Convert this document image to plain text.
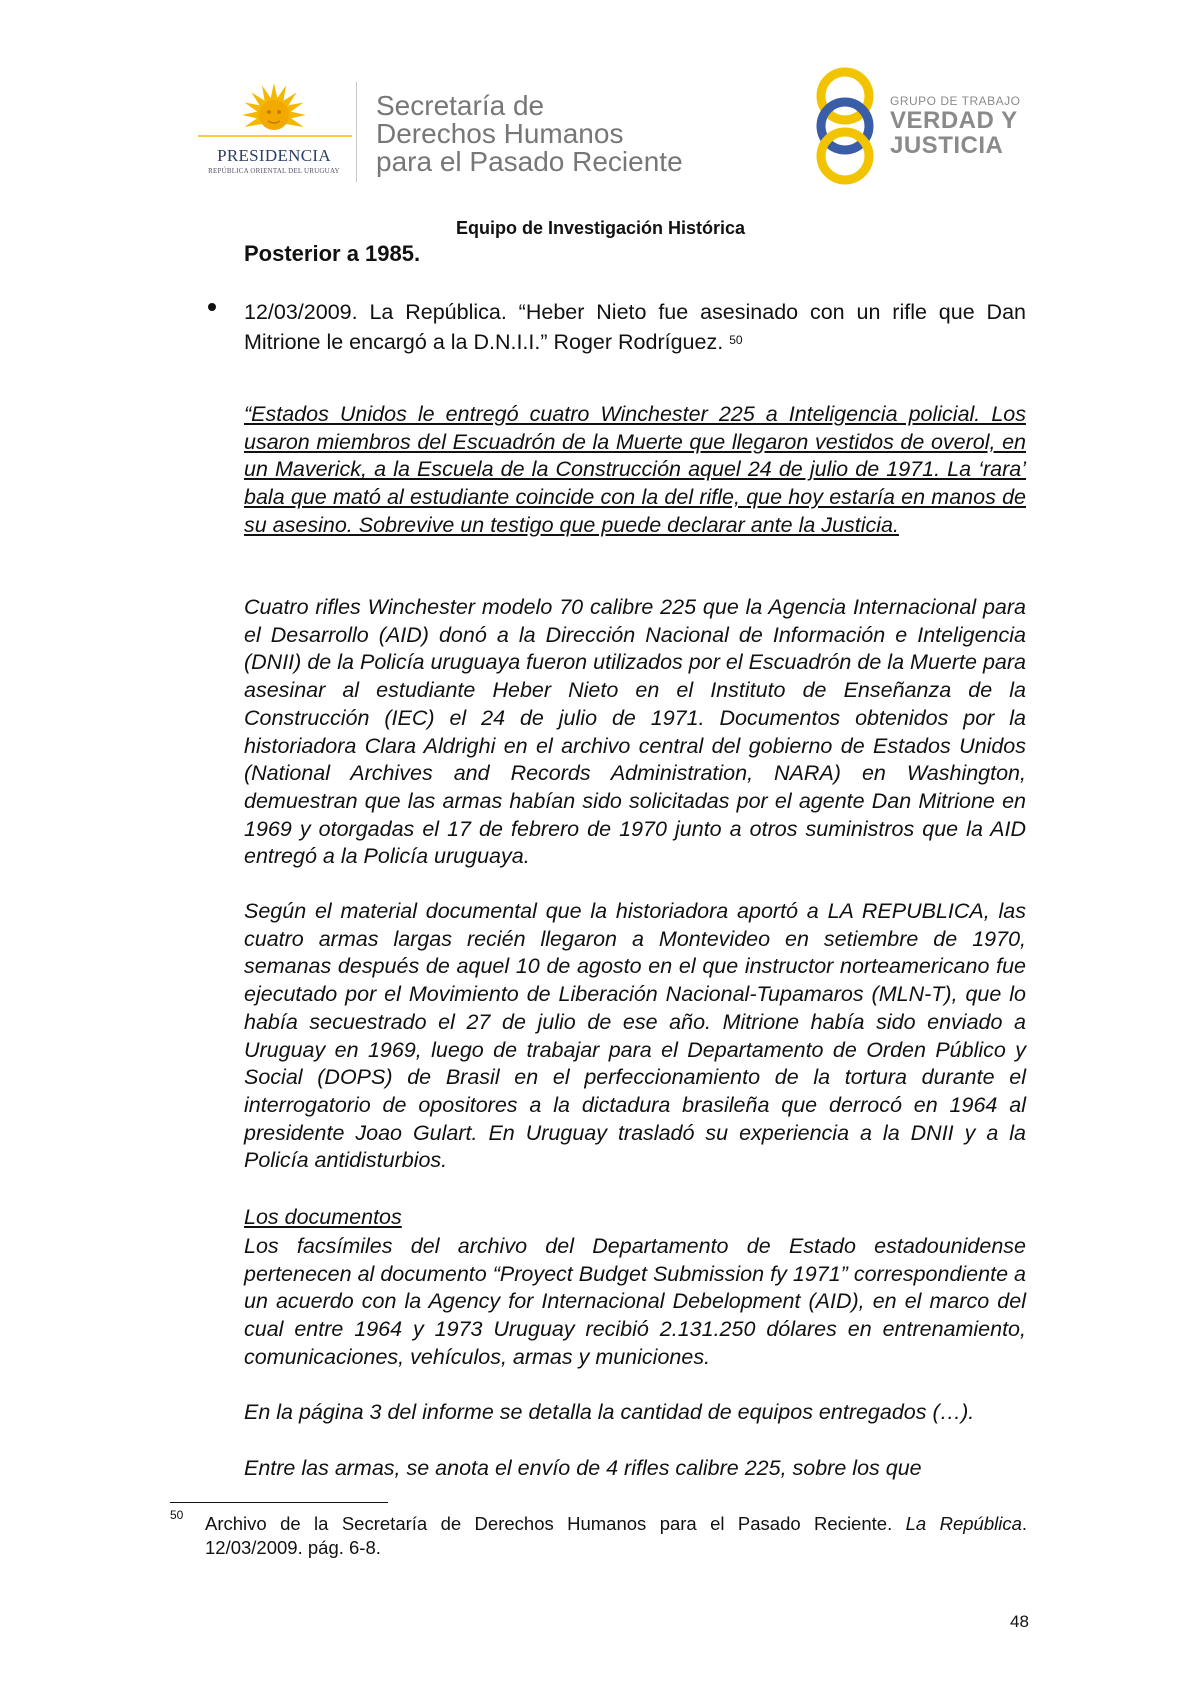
PRESIDENCIA
REPÚBLICA ORIENTAL DEL URUGUAY
Secretaría de
Derechos Humanos
para el Pasado Reciente
GRUPO DE TRABAJO
VERDAD Y
JUSTICIA
Equipo de Investigación Histórica
Posterior a 1985.
12/03/2009. La República. “Heber Nieto fue asesinado con un rifle que Dan Mitrione le encargó a la D.N.I.I.” Roger Rodríguez. $^{50}$
“Estados Unidos le entregó cuatro Winchester 225 a Inteligencia policial. Los usaron miembros del Escuadrón de la Muerte que llegaron vestidos de overol, en un Maverick, a la Escuela de la Construcción aquel 24 de julio de 1971. La ‘rara’ bala que mató al estudiante coincide con la del rifle, que hoy estaría en manos de su asesino. Sobrevive un testigo que puede declarar ante la Justicia.
Cuatro rifles Winchester modelo 70 calibre 225 que la Agencia Internacional para el Desarrollo (AID) donó a la Dirección Nacional de Información e Inteligencia (DNII) de la Policía uruguaya fueron utilizados por el Escuadrón de la Muerte para asesinar al estudiante Heber Nieto en el Instituto de Enseñanza de la Construcción (IEC) el 24 de julio de 1971. Documentos obtenidos por la historiadora Clara Aldrighi en el archivo central del gobierno de Estados Unidos (National Archives and Records Administration, NARA) en Washington, demuestran que las armas habían sido solicitadas por el agente Dan Mitrione en 1969 y otorgadas el 17 de febrero de 1970 junto a otros suministros que la AID entregó a la Policía uruguaya.
Según el material documental que la historiadora aportó a LA REPUBLICA, las cuatro armas largas recién llegaron a Montevideo en setiembre de 1970, semanas después de aquel 10 de agosto en el que instructor norteamericano fue ejecutado por el Movimiento de Liberación Nacional-Tupamaros (MLN-T), que lo había secuestrado el 27 de julio de ese año. Mitrione había sido enviado a Uruguay en 1969, luego de trabajar para el Departamento de Orden Público y Social (DOPS) de Brasil en el perfeccionamiento de la tortura durante el interrogatorio de opositores a la dictadura brasileña que derrocó en 1964 al presidente Joao Gulart. En Uruguay trasladó su experiencia a la DNII y a la Policía antidisturbios.
Los documentos
Los facsímiles del archivo del Departamento de Estado estadounidense pertenecen al documento “Proyect Budget Submission fy 1971” correspondiente a un acuerdo con la Agency for Internacional Debelopment (AID), en el marco del cual entre 1964 y 1973 Uruguay recibió 2.131.250 dólares en entrenamiento, comunicaciones, vehículos, armas y municiones.
En la página 3 del informe se detalla la cantidad de equipos entregados (…).
Entre las armas, se anota el envío de 4 rifles calibre 225, sobre los que
50 Archivo de la Secretaría de Derechos Humanos para el Pasado Reciente. La República. 12/03/2009. pág. 6-8.
48
